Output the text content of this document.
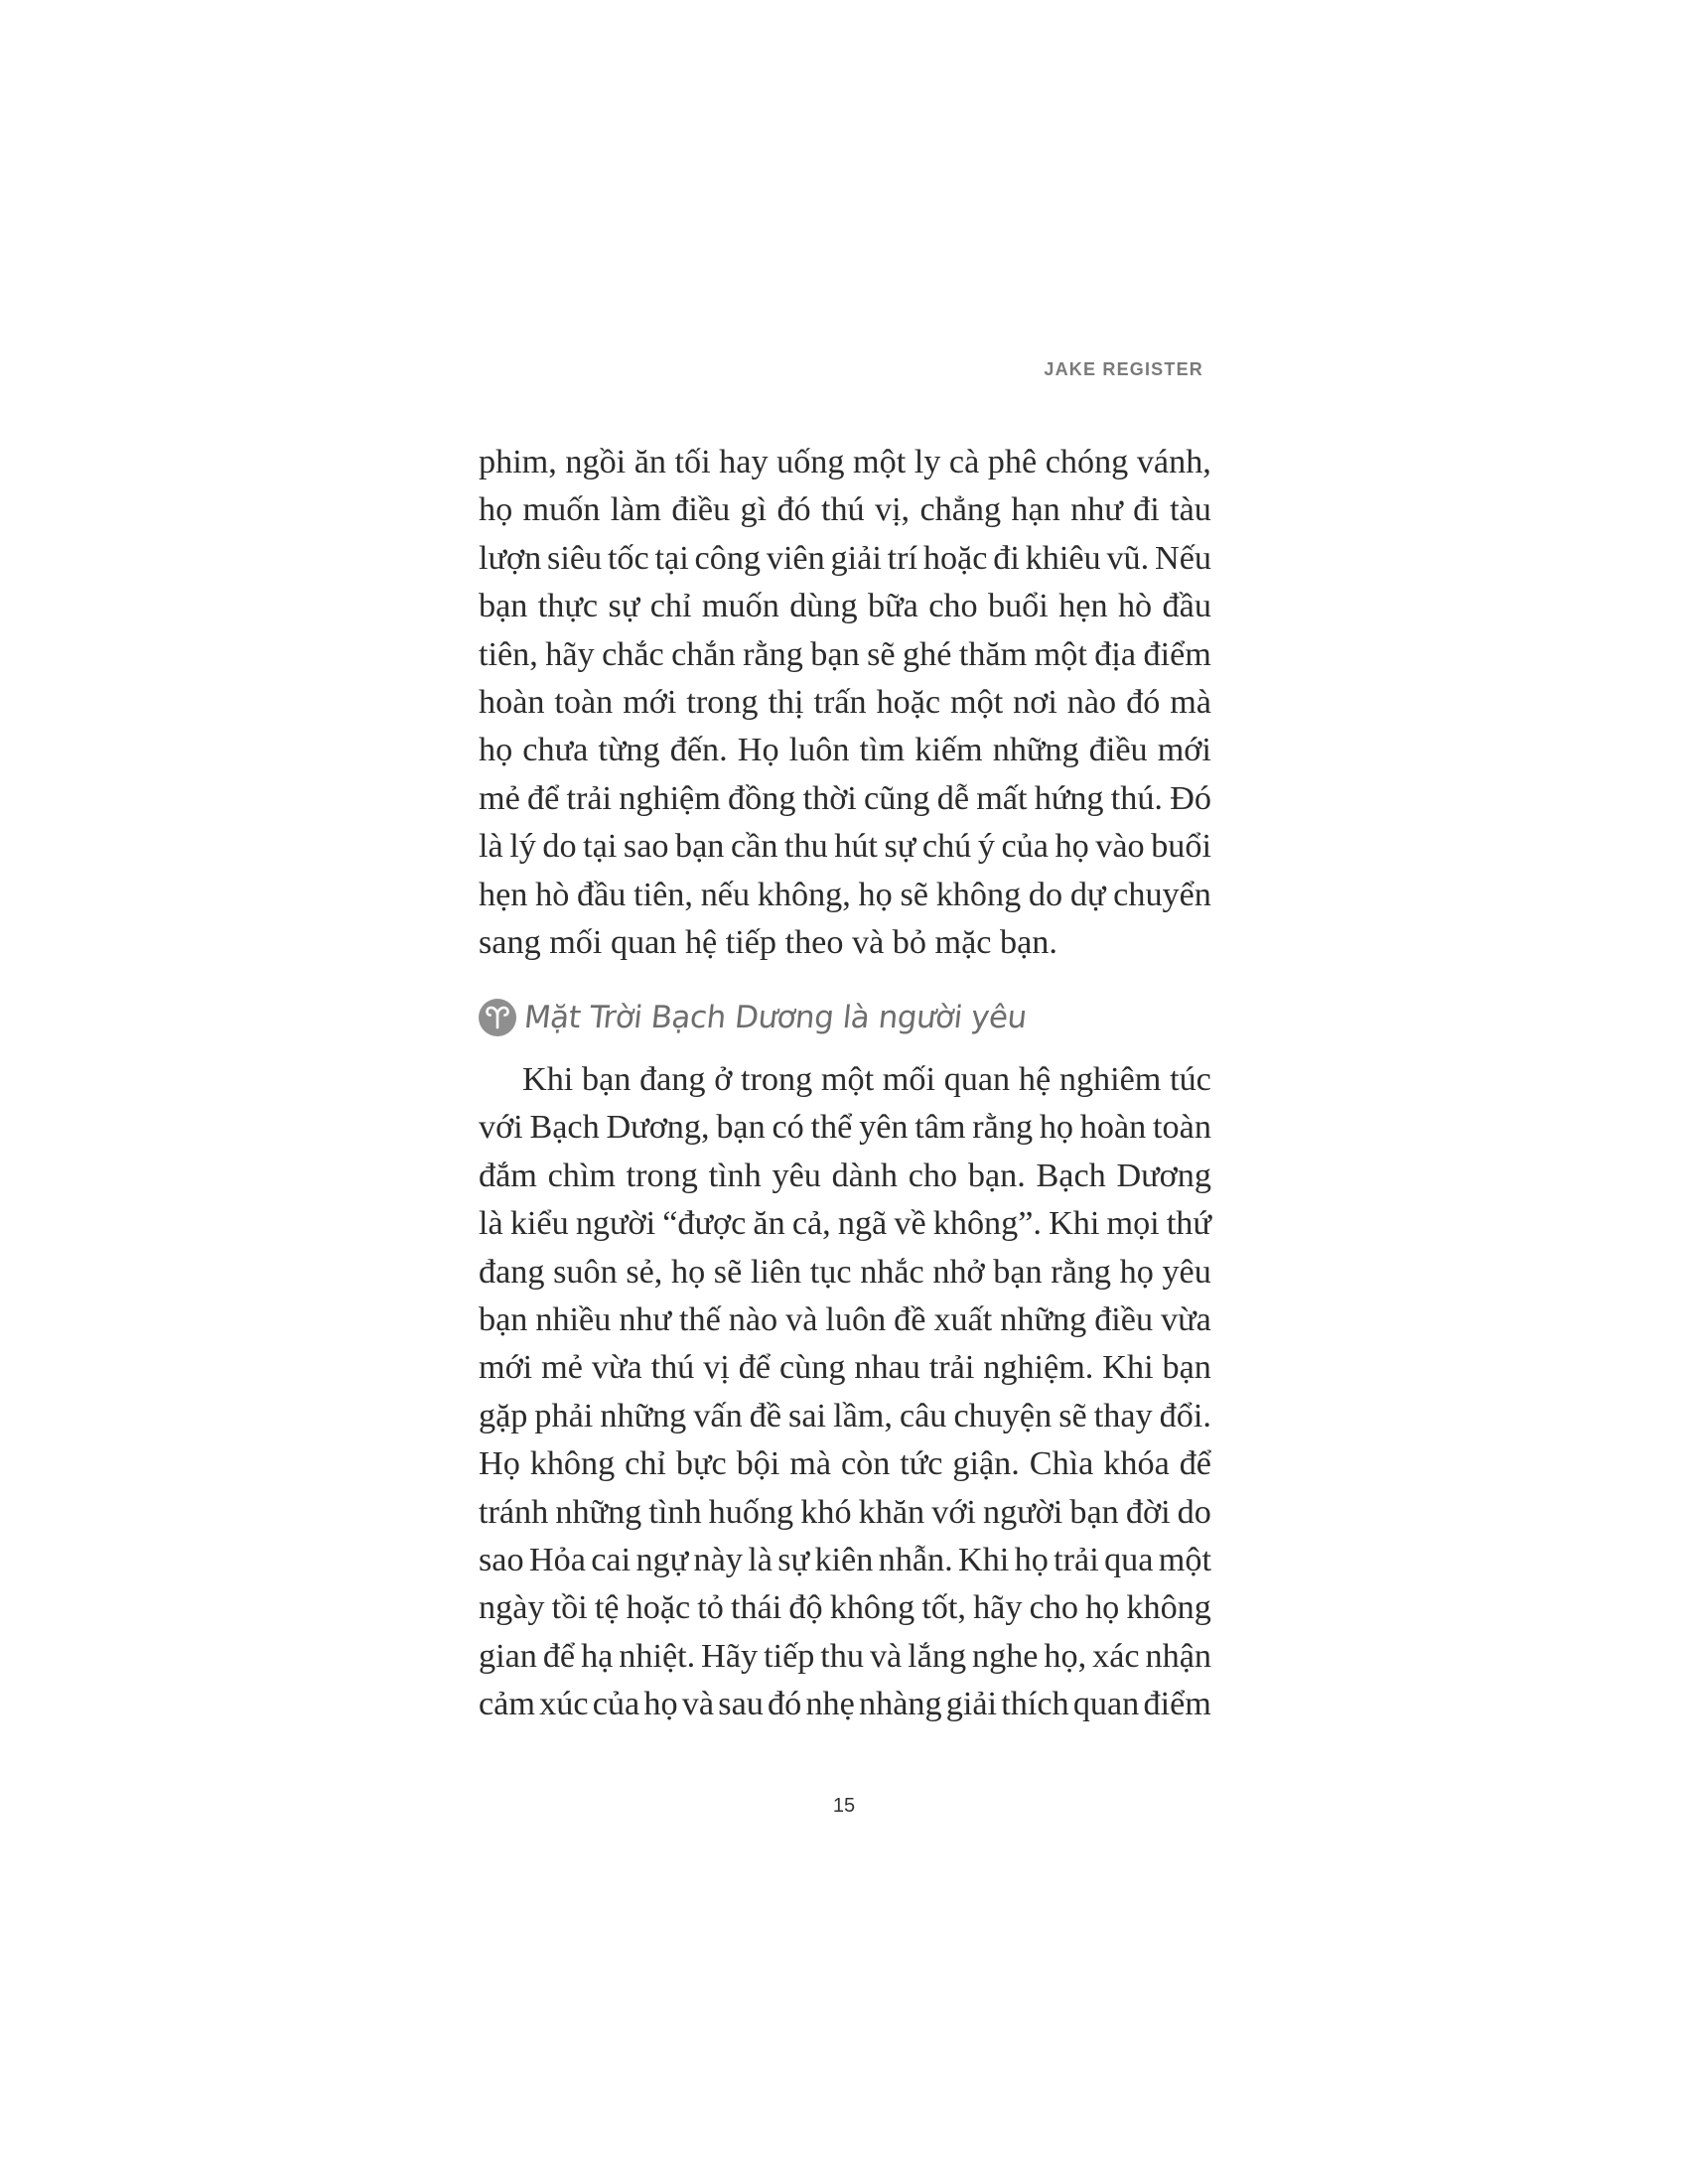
JAKE REGISTER
phim, ngồi ăn tối hay uống một ly cà phê chóng vánh,
họ muốn làm điều gì đó thú vị, chẳng hạn như đi tàu
lượn siêu tốc tại công viên giải trí hoặc đi khiêu vũ. Nếu
bạn thực sự chỉ muốn dùng bữa cho buổi hẹn hò đầu
tiên, hãy chắc chắn rằng bạn sẽ ghé thăm một địa điểm
hoàn toàn mới trong thị trấn hoặc một nơi nào đó mà
họ chưa từng đến. Họ luôn tìm kiếm những điều mới
mẻ để trải nghiệm đồng thời cũng dễ mất hứng thú. Đó
là lý do tại sao bạn cần thu hút sự chú ý của họ vào buổi
hẹn hò đầu tiên, nếu không, họ sẽ không do dự chuyển
sang mối quan hệ tiếp theo và bỏ mặc bạn.
Mặt Trời Bạch Dương là người yêu
Khi bạn đang ở trong một mối quan hệ nghiêm túc
với Bạch Dương, bạn có thể yên tâm rằng họ hoàn toàn
đắm chìm trong tình yêu dành cho bạn. Bạch Dương
là kiểu người “được ăn cả, ngã về không”. Khi mọi thứ
đang suôn sẻ, họ sẽ liên tục nhắc nhở bạn rằng họ yêu
bạn nhiều như thế nào và luôn đề xuất những điều vừa
mới mẻ vừa thú vị để cùng nhau trải nghiệm. Khi bạn
gặp phải những vấn đề sai lầm, câu chuyện sẽ thay đổi.
Họ không chỉ bực bội mà còn tức giận. Chìa khóa để
tránh những tình huống khó khăn với người bạn đời do
sao Hỏa cai ngự này là sự kiên nhẫn. Khi họ trải qua một
ngày tồi tệ hoặc tỏ thái độ không tốt, hãy cho họ không
gian để hạ nhiệt. Hãy tiếp thu và lắng nghe họ, xác nhận
cảm xúc của họ và sau đó nhẹ nhàng giải thích quan điểm
15
